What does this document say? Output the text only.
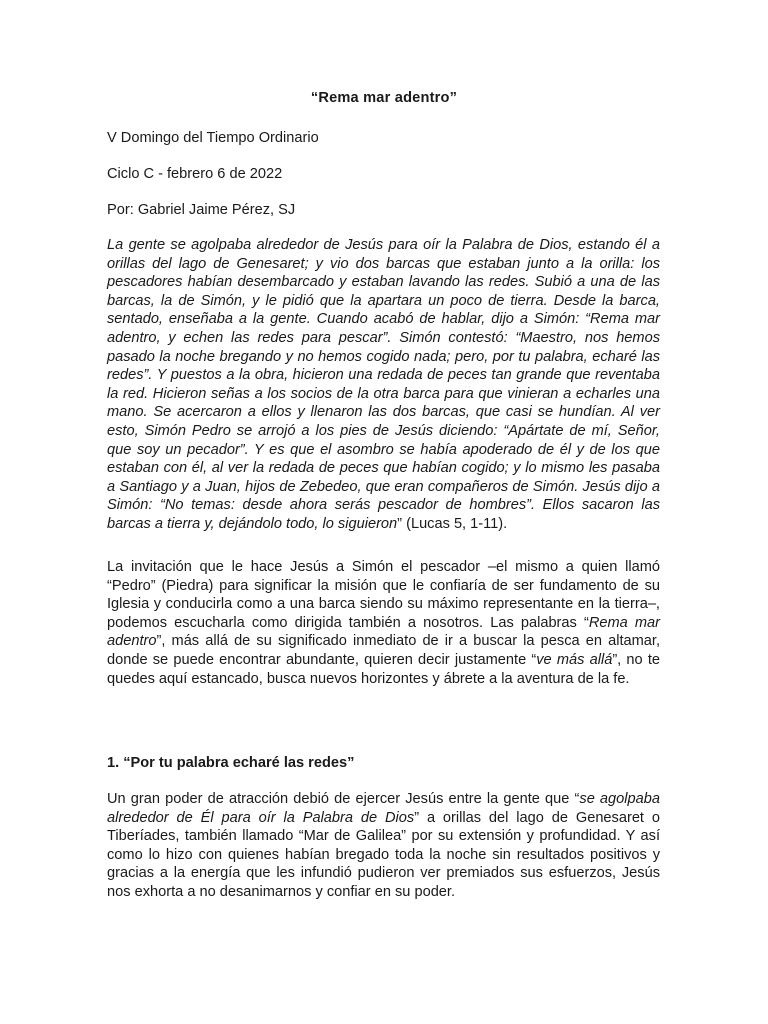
“Rema mar adentro”
V Domingo del Tiempo Ordinario
Ciclo C - febrero 6 de 2022
Por: Gabriel Jaime Pérez, SJ
La gente se agolpaba alrededor de Jesús para oír la Palabra de Dios, estando él a orillas del lago de Genesaret; y vio dos barcas que estaban junto a la orilla: los pescadores habían desembarcado y estaban lavando las redes. Subió a una de las barcas, la de Simón, y le pidió que la apartara un poco de tierra. Desde la barca, sentado, enseñaba a la gente. Cuando acabó de hablar, dijo a Simón: “Rema mar adentro, y echen las redes para pescar”. Simón contestó: “Maestro, nos hemos pasado la noche bregando y no hemos cogido nada; pero, por tu palabra, echaré las redes”. Y puestos a la obra, hicieron una redada de peces tan grande que reventaba la red. Hicieron señas a los socios de la otra barca para que vinieran a echarles una mano. Se acercaron a ellos y llenaron las dos barcas, que casi se hundían. Al ver esto, Simón Pedro se arrojó a los pies de Jesús diciendo: “Apártate de mí, Señor, que soy un pecador”. Y es que el asombro se había apoderado de él y de los que estaban con él, al ver la redada de peces que habían cogido; y lo mismo les pasaba a Santiago y a Juan, hijos de Zebedeo, que eran compañeros de Simón. Jesús dijo a Simón: “No temas: desde ahora serás pescador de hombres”. Ellos sacaron las barcas a tierra y, dejándolo todo, lo siguieron” (Lucas 5, 1-11).
La invitación que le hace Jesús a Simón el pescador –el mismo a quien llamó “Pedro” (Piedra) para significar la misión que le confiaría de ser fundamento de su Iglesia y conducirla como a una barca siendo su máximo representante en la tierra–, podemos escucharla como dirigida también a nosotros. Las palabras “Rema mar adentro”, más allá de su significado inmediato de ir a buscar la pesca en altamar, donde se puede encontrar abundante, quieren decir justamente “ve más allá”, no te quedes aquí estancado, busca nuevos horizontes y ábrete a la aventura de la fe.
1. “Por tu palabra echaré las redes”
Un gran poder de atracción debió de ejercer Jesús entre la gente que “se agolpaba alrededor de Él para oír la Palabra de Dios” a orillas del lago de Genesaret o Tiberíades, también llamado “Mar de Galilea” por su extensión y profundidad. Y así como lo hizo con quienes habían bregado toda la noche sin resultados positivos y gracias a la energía que les infundió pudieron ver premiados sus esfuerzos, Jesús nos exhorta a no desanimarnos y confiar en su poder.
